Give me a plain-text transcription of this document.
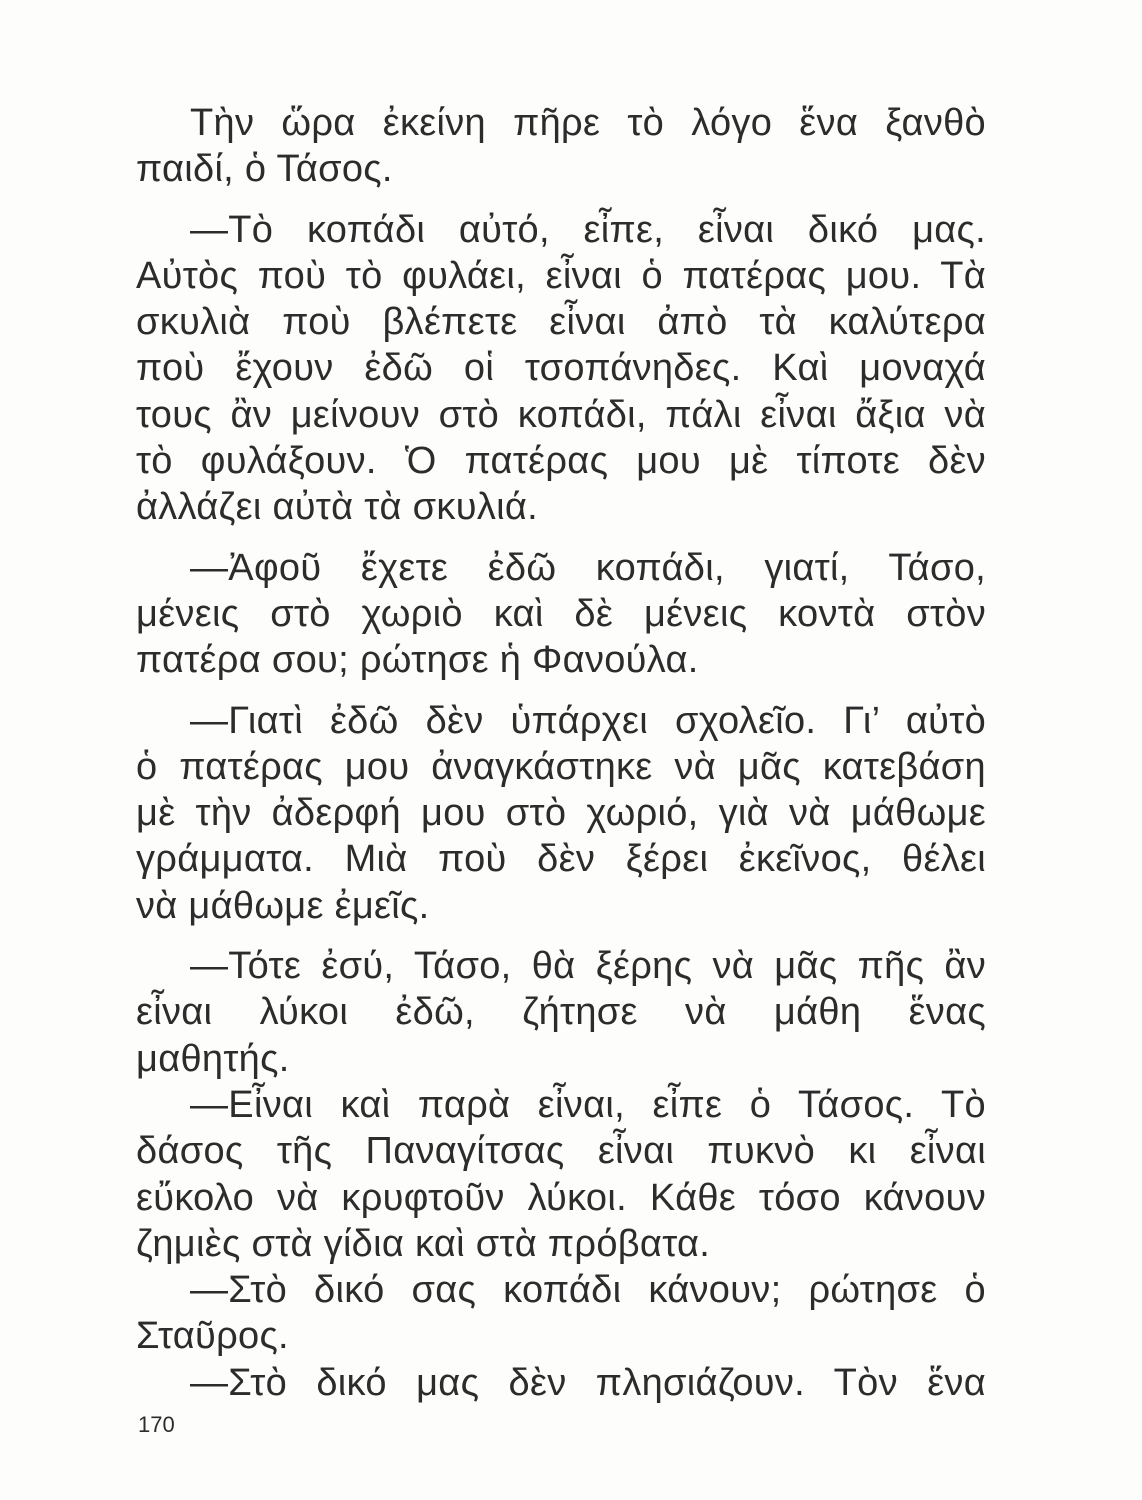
Τὴν ὥρα ἐκείνη πῆρε τὸ λόγο ἕνα ξανθὸ
παιδί, ὁ Τάσος.
—Τὸ κοπάδι αὐτό, εἶπε, εἶναι δικό μας.
Αὐτὸς ποὺ τὸ φυλάει, εἶναι ὁ πατέρας μου. Τὰ
σκυλιὰ ποὺ βλέπετε εἶναι ἀπὸ τὰ καλύτερα
ποὺ ἔχουν ἐδῶ οἱ τσοπάνηδες. Καὶ μοναχά
τους ἂν μείνουν στὸ κοπάδι, πάλι εἶναι ἄξια νὰ
τὸ φυλάξουν. Ὁ πατέρας μου μὲ τίποτε δὲν
ἀλλάζει αὐτὰ τὰ σκυλιά.
—Ἀφοῦ ἔχετε ἐδῶ κοπάδι, γιατί, Τάσο,
μένεις στὸ χωριὸ καὶ δὲ μένεις κοντὰ στὸν
πατέρα σου; ρώτησε ἡ Φανούλα.
—Γιατὶ ἐδῶ δὲν ὑπάρχει σχολεῖο. Γι’ αὐτὸ
ὁ πατέρας μου ἀναγκάστηκε νὰ μᾶς κατεβάση
μὲ τὴν ἀδερφή μου στὸ χωριό, γιὰ νὰ μάθωμε
γράμματα. Μιὰ ποὺ δὲν ξέρει ἐκεῖνος, θέλει
νὰ μάθωμε ἐμεῖς.
—Τότε ἐσύ, Τάσο, θὰ ξέρης νὰ μᾶς πῆς ἂν
εἶναι λύκοι ἐδῶ, ζήτησε νὰ μάθη ἕνας
μαθητής.
—Εἶναι καὶ παρὰ εἶναι, εἶπε ὁ Τάσος. Τὸ
δάσος τῆς Παναγίτσας εἶναι πυκνὸ κι εἶναι
εὔκολο νὰ κρυφτοῦν λύκοι. Κάθε τόσο κάνουν
ζημιὲς στὰ γίδια καὶ στὰ πρόβατα.
—Στὸ δικό σας κοπάδι κάνουν; ρώτησε ὁ
Σταῦρος.
—Στὸ δικό μας δὲν πλησιάζουν. Τὸν ἕνα
170
